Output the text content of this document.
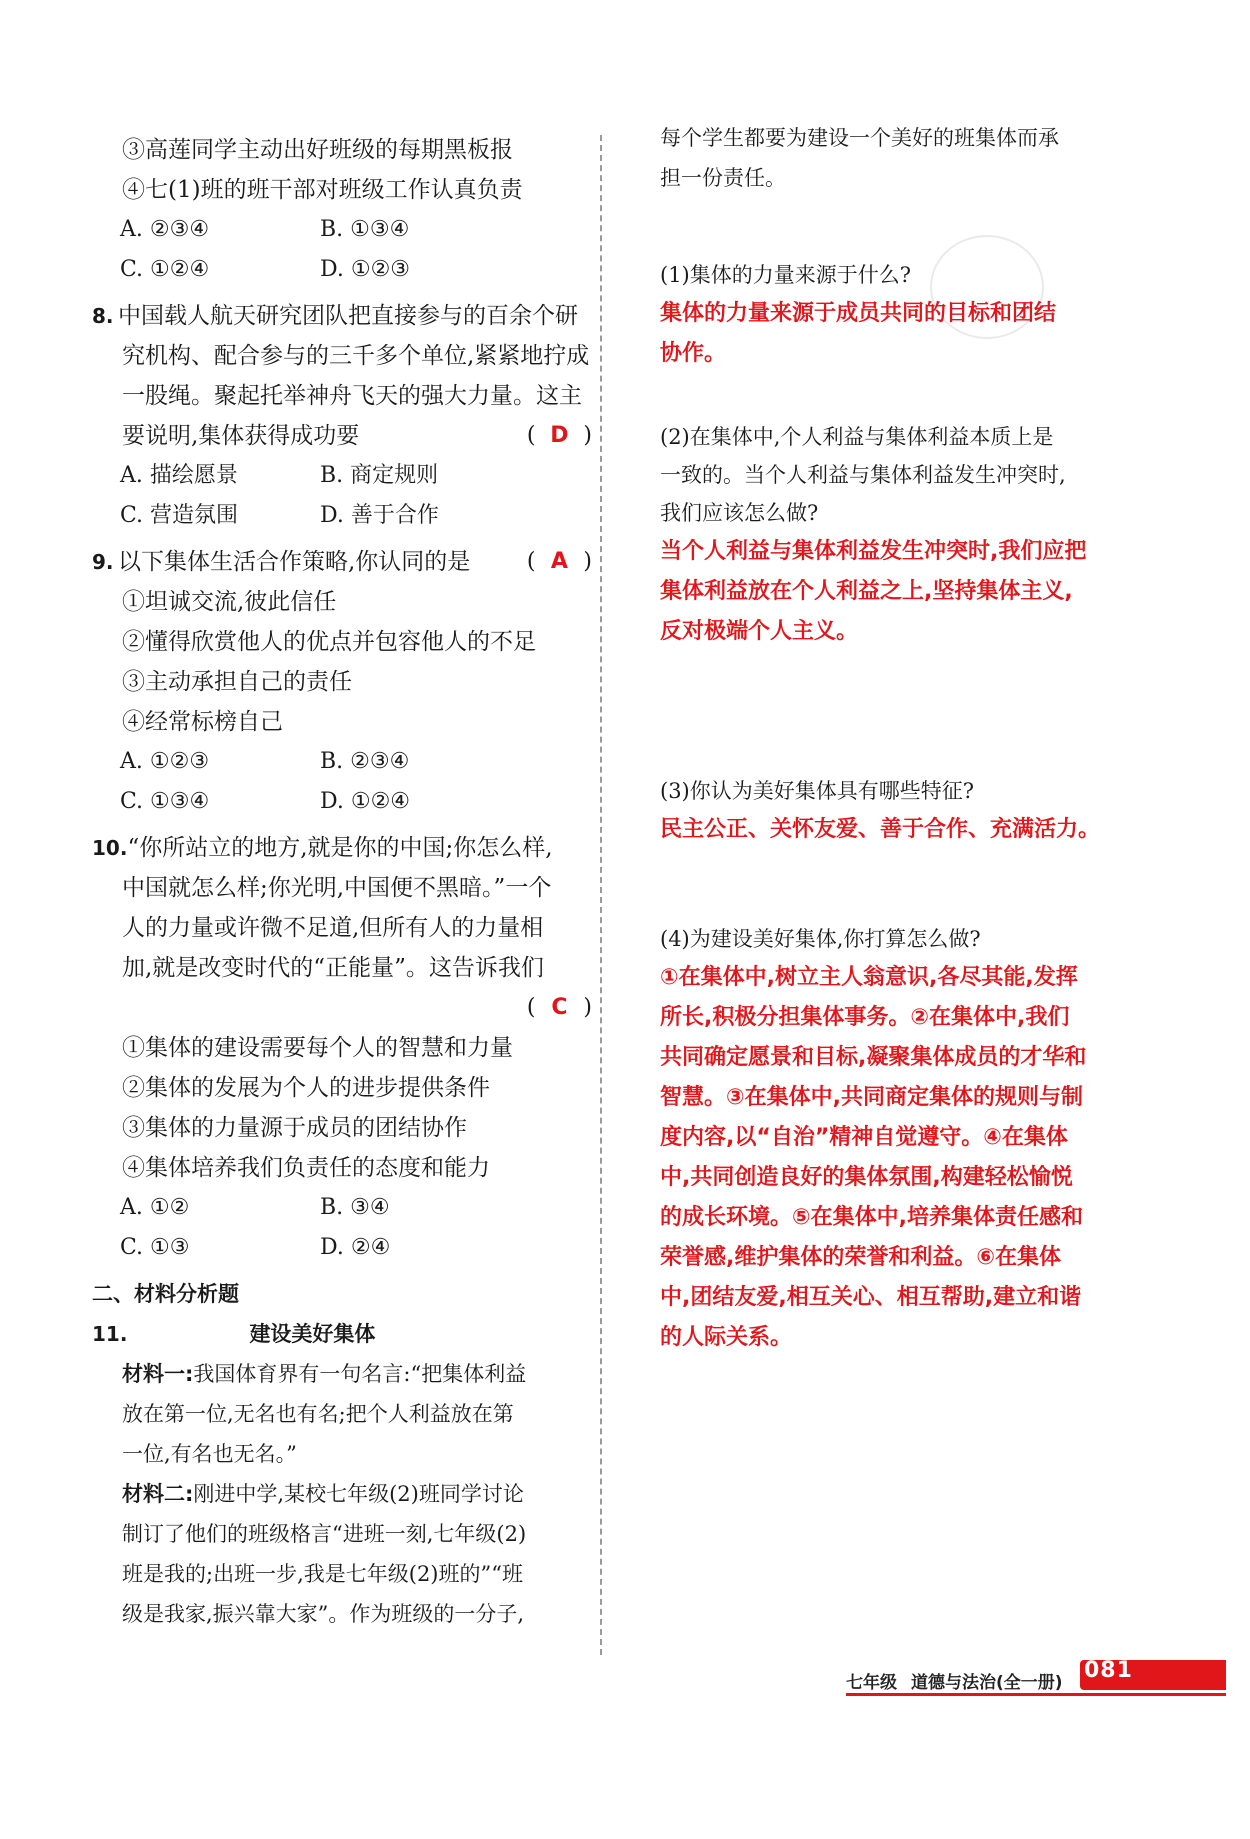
③高莲同学主动出好班级的每期黑板报
④七(1)班的班干部对班级工作认真负责
A. ②③④	B. ①③④
C. ①②④	D. ①②③
8. 中国载人航天研究团队把直接参与的百余个研
究机构、配合参与的三千多个单位,紧紧地拧成
一股绳。聚起托举神舟飞天的强大力量。这主
要说明,集体获得成功要	( D )
A. 描绘愿景	B. 商定规则
C. 营造氛围	D. 善于合作
9. 以下集体生活合作策略,你认同的是	( A )
①坦诚交流,彼此信任
②懂得欣赏他人的优点并包容他人的不足
③主动承担自己的责任
④经常标榜自己
A. ①②③	B. ②③④
C. ①③④	D. ①②④
10.“你所站立的地方,就是你的中国;你怎么样,
中国就怎么样;你光明,中国便不黑暗。”一个
人的力量或许微不足道,但所有人的力量相
加,就是改变时代的“正能量”。这告诉我们
( C )

①集体的建设需要每个人的智慧和力量
②集体的发展为个人的进步提供条件
③集体的力量源于成员的团结协作
④集体培养我们负责任的态度和能力
A. ①②	B. ③④
C. ①③	D. ②④
二、材料分析题
11.	建设美好集体
材料一:我国体育界有一句名言:“把集体利益
放在第一位,无名也有名;把个人利益放在第
一位,有名也无名。”
材料二:刚进中学,某校七年级(2)班同学讨论
制订了他们的班级格言“进班一刻,七年级(2)
班是我的;出班一步,我是七年级(2)班的”“班
级是我家,振兴靠大家”。作为班级的一分子,
每个学生都要为建设一个美好的班集体而承
担一份责任。
(1)集体的力量来源于什么?
集体的力量来源于成员共同的目标和团结
协作。
(2)在集体中,个人利益与集体利益本质上是
一致的。当个人利益与集体利益发生冲突时,
我们应该怎么做?
当个人利益与集体利益发生冲突时,我们应把
集体利益放在个人利益之上,坚持集体主义,
反对极端个人主义。
(3)你认为美好集体具有哪些特征?
民主公正、关怀友爱、善于合作、充满活力。
(4)为建设美好集体,你打算怎么做?
①在集体中,树立主人翁意识,各尽其能,发挥
所长,积极分担集体事务。②在集体中,我们
共同确定愿景和目标,凝聚集体成员的才华和
智慧。③在集体中,共同商定集体的规则与制
度内容,以“自治”精神自觉遵守。④在集体
中,共同创造良好的集体氛围,构建轻松愉悦
的成长环境。⑤在集体中,培养集体责任感和
荣誉感,维护集体的荣誉和利益。⑥在集体
中,团结友爱,相互关心、相互帮助,建立和谐
的人际关系。
七年级 道德与法治(全一册) 081
